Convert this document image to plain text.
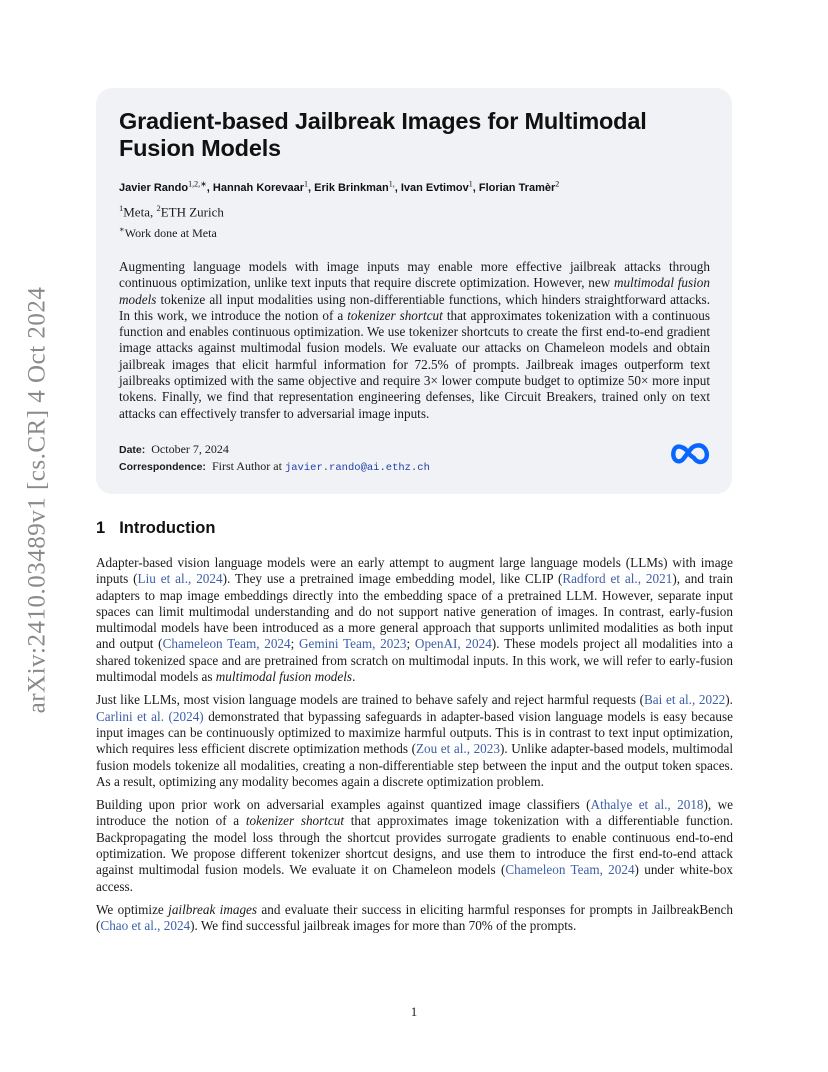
arXiv:2410.03489v1 [cs.CR] 4 Oct 2024
Gradient-based Jailbreak Images for Multimodal Fusion Models
Javier Rando$^{1,2,∗}$, Hannah Korevaar$^1$, Erik Brinkman$^{1,}$, Ivan Evtimov$^1$, Florian Tramèr$^2$
$^1$Meta, $^2$ETH Zurich
∗Work done at Meta
Augmenting language models with image inputs may enable more effective jailbreak attacks through continuous optimization, unlike text inputs that require discrete optimization. However, new multimodal fusion models tokenize all input modalities using non-differentiable functions, which hinders straightforward attacks. In this work, we introduce the notion of a tokenizer shortcut that approximates tokenization with a continuous function and enables continuous optimization. We use tokenizer shortcuts to create the first end-to-end gradient image attacks against multimodal fusion models. We evaluate our attacks on Chameleon models and obtain jailbreak images that elicit harmful information for 72.5% of prompts. Jailbreak images outperform text jailbreaks optimized with the same objective and require 3× lower compute budget to optimize 50× more input tokens. Finally, we find that representation engineering defenses, like Circuit Breakers, trained only on text attacks can effectively transfer to adversarial image inputs.
Date: October 7, 2024
Correspondence: First Author at javier.rando@ai.ethz.ch
1 Introduction

Adapter-based vision language models were an early attempt to augment large language models (LLMs) with image inputs (Liu et al., 2024). They use a pretrained image embedding model, like CLIP (Radford et al., 2021), and train adapters to map image embeddings directly into the embedding space of a pretrained LLM. However, separate input spaces can limit multimodal understanding and do not support native generation of images. In contrast, early-fusion multimodal models have been introduced as a more general approach that supports unlimited modalities as both input and output (Chameleon Team, 2024; Gemini Team, 2023; OpenAI, 2024). These models project all modalities into a shared tokenized space and are pretrained from scratch on multimodal inputs. In this work, we will refer to early-fusion multimodal models as multimodal fusion models.

Just like LLMs, most vision language models are trained to behave safely and reject harmful requests (Bai et al., 2022). Carlini et al. (2024) demonstrated that bypassing safeguards in adapter-based vision language models is easy because input images can be continuously optimized to maximize harmful outputs. This is in contrast to text input optimization, which requires less efficient discrete optimization methods (Zou et al., 2023). Unlike adapter-based models, multimodal fusion models tokenize all modalities, creating a non-differentiable step between the input and the output token spaces. As a result, optimizing any modality becomes again a discrete optimization problem.

Building upon prior work on adversarial examples against quantized image classifiers (Athalye et al., 2018), we introduce the notion of a tokenizer shortcut that approximates image tokenization with a differentiable function. Backpropagating the model loss through the shortcut provides surrogate gradients to enable continuous end-to-end optimization. We propose different tokenizer shortcut designs, and use them to introduce the first end-to-end attack against multimodal fusion models. We evaluate it on Chameleon models (Chameleon Team, 2024) under white-box access.

We optimize jailbreak images and evaluate their success in eliciting harmful responses for prompts in JailbreakBench (Chao et al., 2024). We find successful jailbreak images for more than 70% of the prompts.

1
